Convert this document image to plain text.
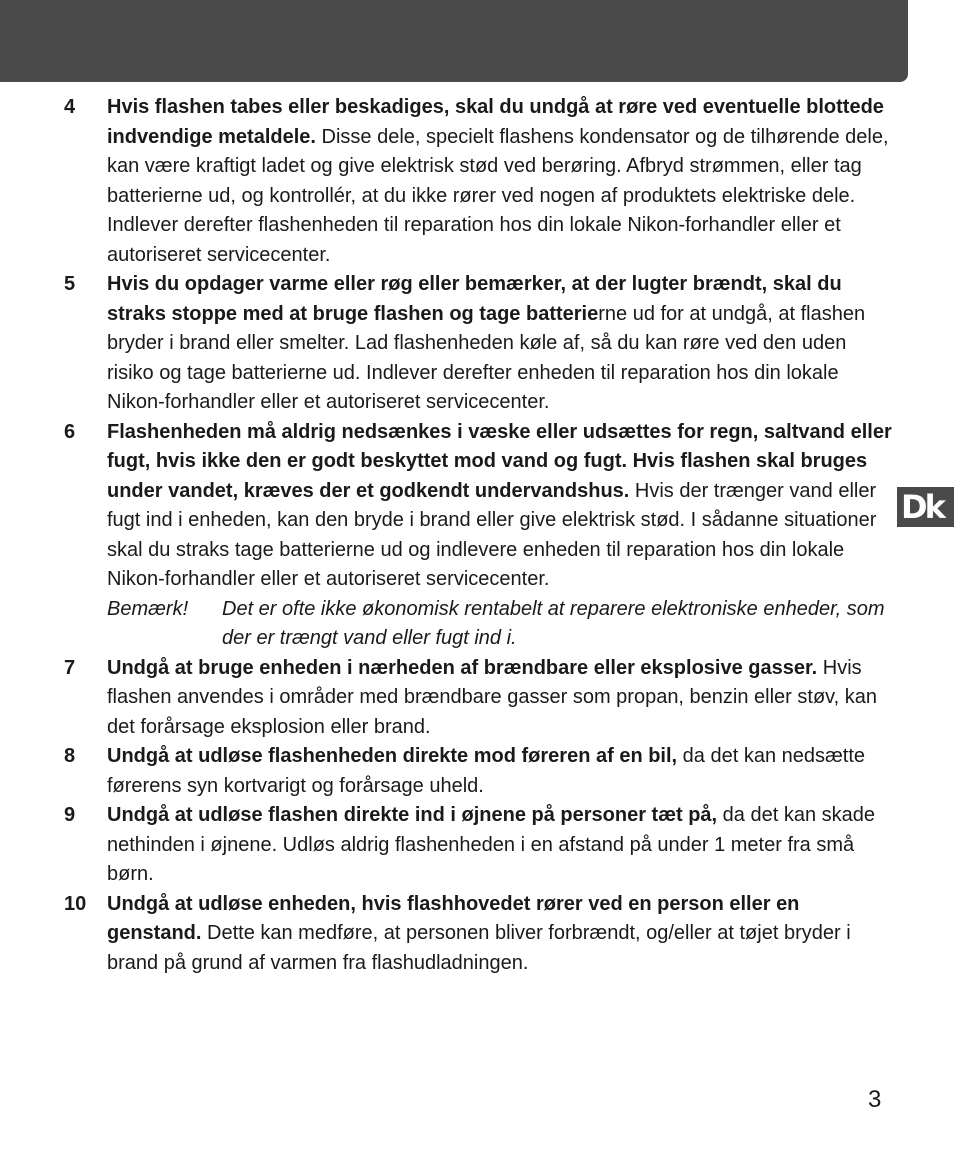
Dk
4	Hvis flashen tabes eller beskadiges, skal du undgå at røre ved eventuelle blottede indvendige metaldele. Disse dele, specielt flashens kondensator og de tilhørende dele, kan være kraftigt ladet og give elektrisk stød ved berøring. Afbryd strømmen, eller tag batterierne ud, og kontrollér, at du ikke rører ved nogen af produktets elektriske dele. Indlever derefter flashenheden til reparation hos din lokale Nikon-forhandler eller et autoriseret servicecenter.
5	Hvis du opdager varme eller røg eller bemærker, at der lugter brændt, skal du straks stoppe med at bruge flashen og tage batterierne ud for at undgå, at flashen bryder i brand eller smelter. Lad flashenheden køle af, så du kan røre ved den uden risiko og tage batterierne ud. Indlever derefter enheden til reparation hos din lokale Nikon-forhandler eller et autoriseret servicecenter.
6	Flashenheden må aldrig nedsænkes i væske eller udsættes for regn, saltvand eller fugt, hvis ikke den er godt beskyttet mod vand og fugt. Hvis flashen skal bruges under vandet, kræves der et godkendt undervandshus. Hvis der trænger vand eller fugt ind i enheden, kan den bryde i brand eller give elektrisk stød. I sådanne situationer skal du straks tage batterierne ud og indlevere enheden til reparation hos din lokale Nikon-forhandler eller et autoriseret servicecenter.
Bemærk!	Det er ofte ikke økonomisk rentabelt at reparere elektroniske enheder, som der er trængt vand eller fugt ind i.
7	Undgå at bruge enheden i nærheden af brændbare eller eksplosive gasser. Hvis flashen anvendes i områder med brændbare gasser som propan, benzin eller støv, kan det forårsage eksplosion eller brand.
8	Undgå at udløse flashenheden direkte mod føreren af en bil, da det kan nedsætte førerens syn kortvarigt og forårsage uheld.
9	Undgå at udløse flashen direkte ind i øjnene på personer tæt på, da det kan skade nethinden i øjnene. Udløs aldrig flashenheden i en afstand på under 1 meter fra små børn.
10	Undgå at udløse enheden, hvis flashhovedet rører ved en person eller en genstand. Dette kan medføre, at personen bliver forbrændt, og/eller at tøjet bryder i brand på grund af varmen fra flashudladningen.
3
